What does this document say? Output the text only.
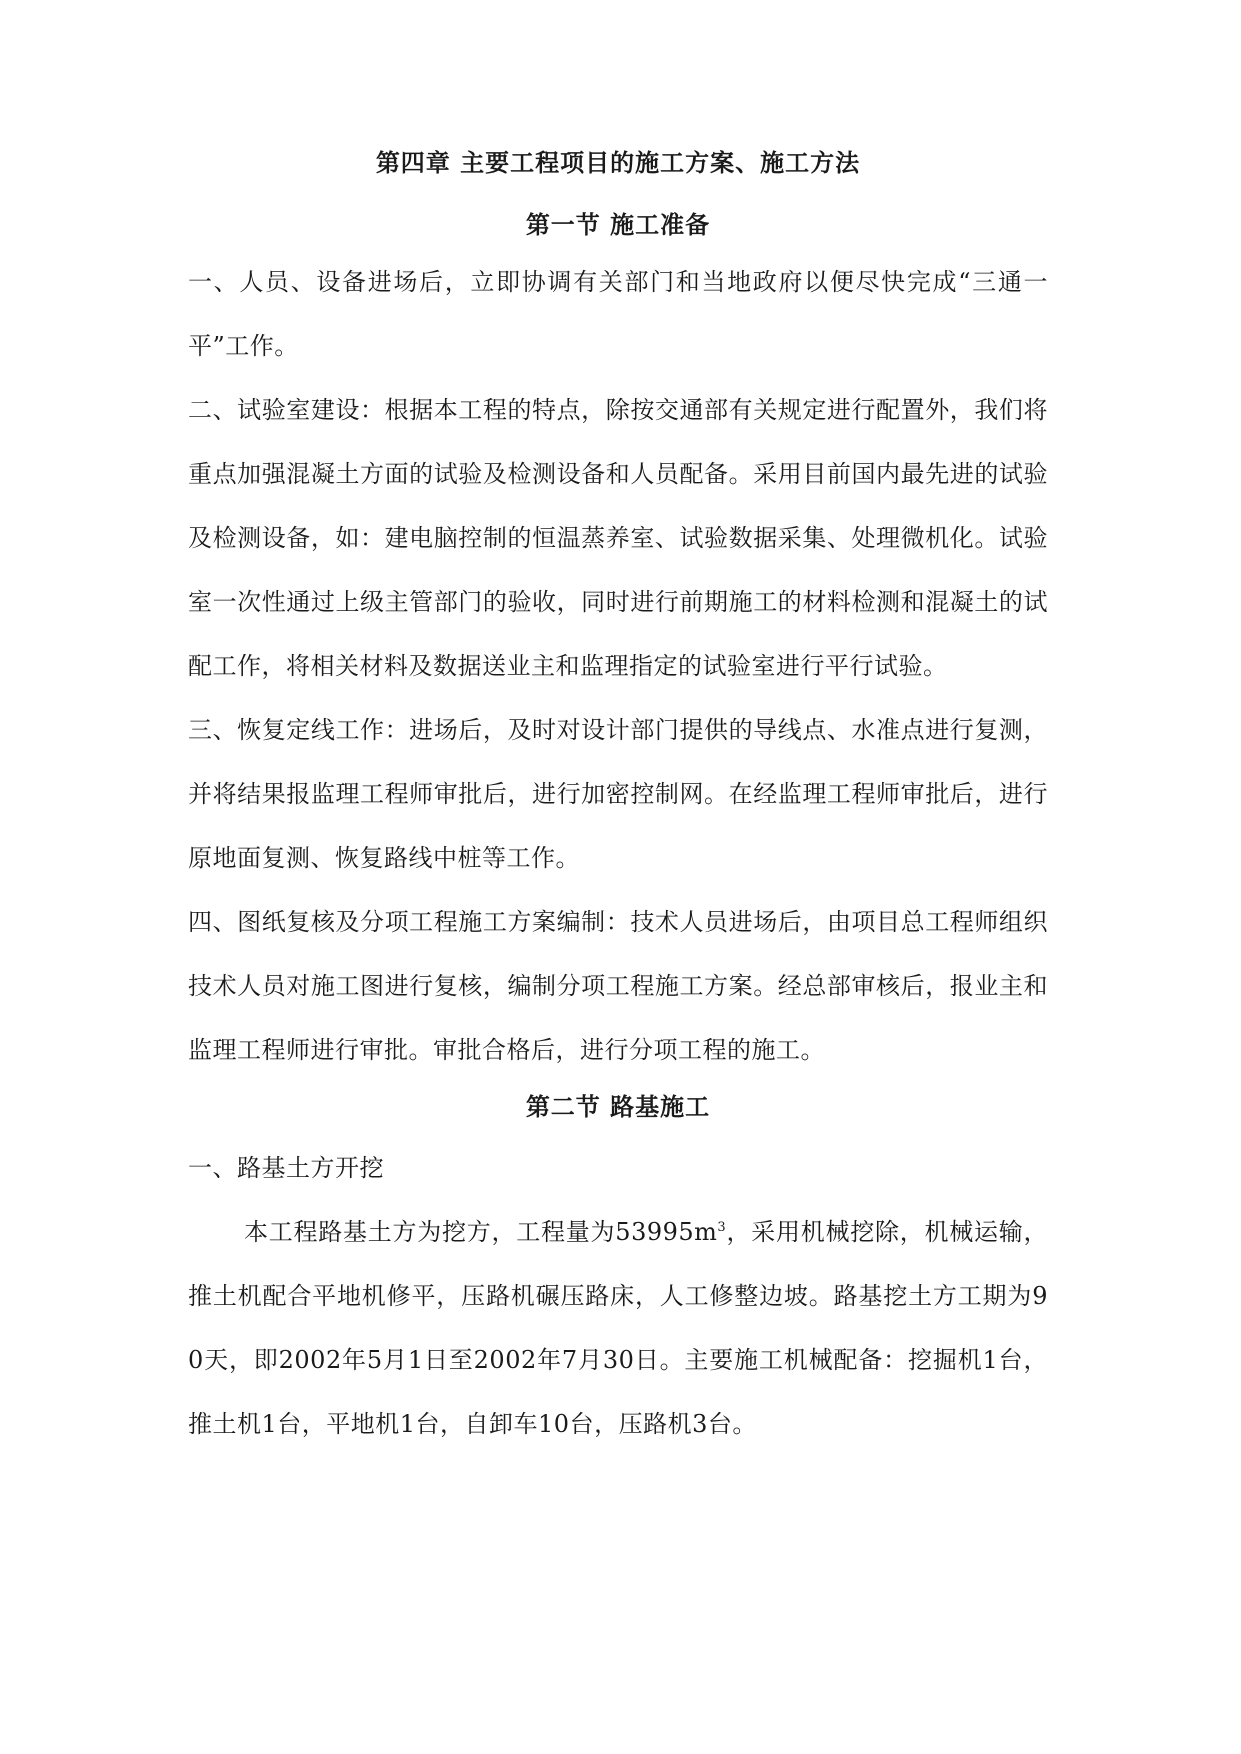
第四章 主要工程项目的施工方案、施工方法
第一节 施工准备

一、人员、设备进场后，立即协调有关部门和当地政府以便尽快完成“三通一平”工作。

二、试验室建设：根据本工程的特点，除按交通部有关规定进行配置外，我们将重点加强混凝土方面的试验及检测设备和人员配备。采用目前国内最先进的试验及检测设备，如：建电脑控制的恒温蒸养室、试验数据采集、处理微机化。试验室一次性通过上级主管部门的验收，同时进行前期施工的材料检测和混凝土的试配工作，将相关材料及数据送业主和监理指定的试验室进行平行试验。

三、恢复定线工作：进场后，及时对设计部门提供的导线点、水准点进行复测，并将结果报监理工程师审批后，进行加密控制网。在经监理工程师审批后，进行原地面复测、恢复路线中桩等工作。

四、图纸复核及分项工程施工方案编制：技术人员进场后，由项目总工程师组织技术人员对施工图进行复核，编制分项工程施工方案。经总部审核后，报业主和监理工程师进行审批。审批合格后，进行分项工程的施工。

第二节 路基施工

一、路基土方开挖

本工程路基土方为挖方，工程量为$53995m^3$，采用机械挖除，机械运输，推土机配合平地机修平，压路机碾压路床，人工修整边坡。路基挖土方工期为90天，即2002年5月1日至2002年7月30日。主要施工机械配备：挖掘机1台，推土机1台，平地机1台，自卸车10台，压路机3台。
